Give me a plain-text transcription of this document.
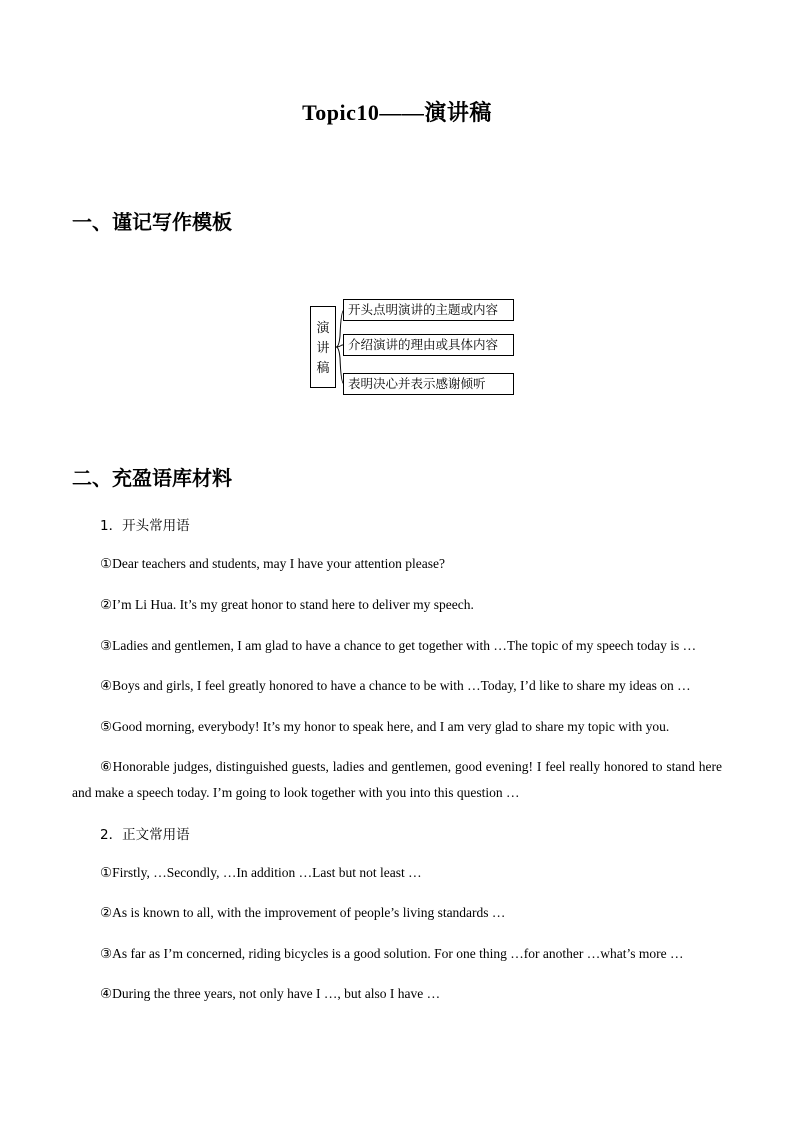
Topic10——演讲稿
一、谨记写作模板
演
讲
稿
开头点明演讲的主题或内容
介绍演讲的理由或具体内容
表明决心并表示感谢倾听
二、充盈语库材料
1．开头常用语
①Dear teachers and students, may I have your attention please?
②I’m Li Hua. It’s my great honor to stand here to deliver my speech.
③Ladies and gentlemen, I am glad to have a chance to get together with …The topic of my speech today is …
④Boys and girls, I feel greatly honored to have a chance to be with …Today, I’d like to share my ideas on …
⑤Good morning, everybody! It’s my honor to speak here, and I am very glad to share my topic with you.
⑥Honorable judges, distinguished guests, ladies and gentlemen, good evening! I feel really honored to stand here and make a speech today. I’m going to look together with you into this question …
2．正文常用语
①Firstly, …Secondly, …In addition …Last but not least …
②As is known to all, with the improvement of people’s living standards …
③As far as I’m concerned, riding bicycles is a good solution. For one thing …for another …what’s more …
④During the three years, not only have I …, but also I have …
